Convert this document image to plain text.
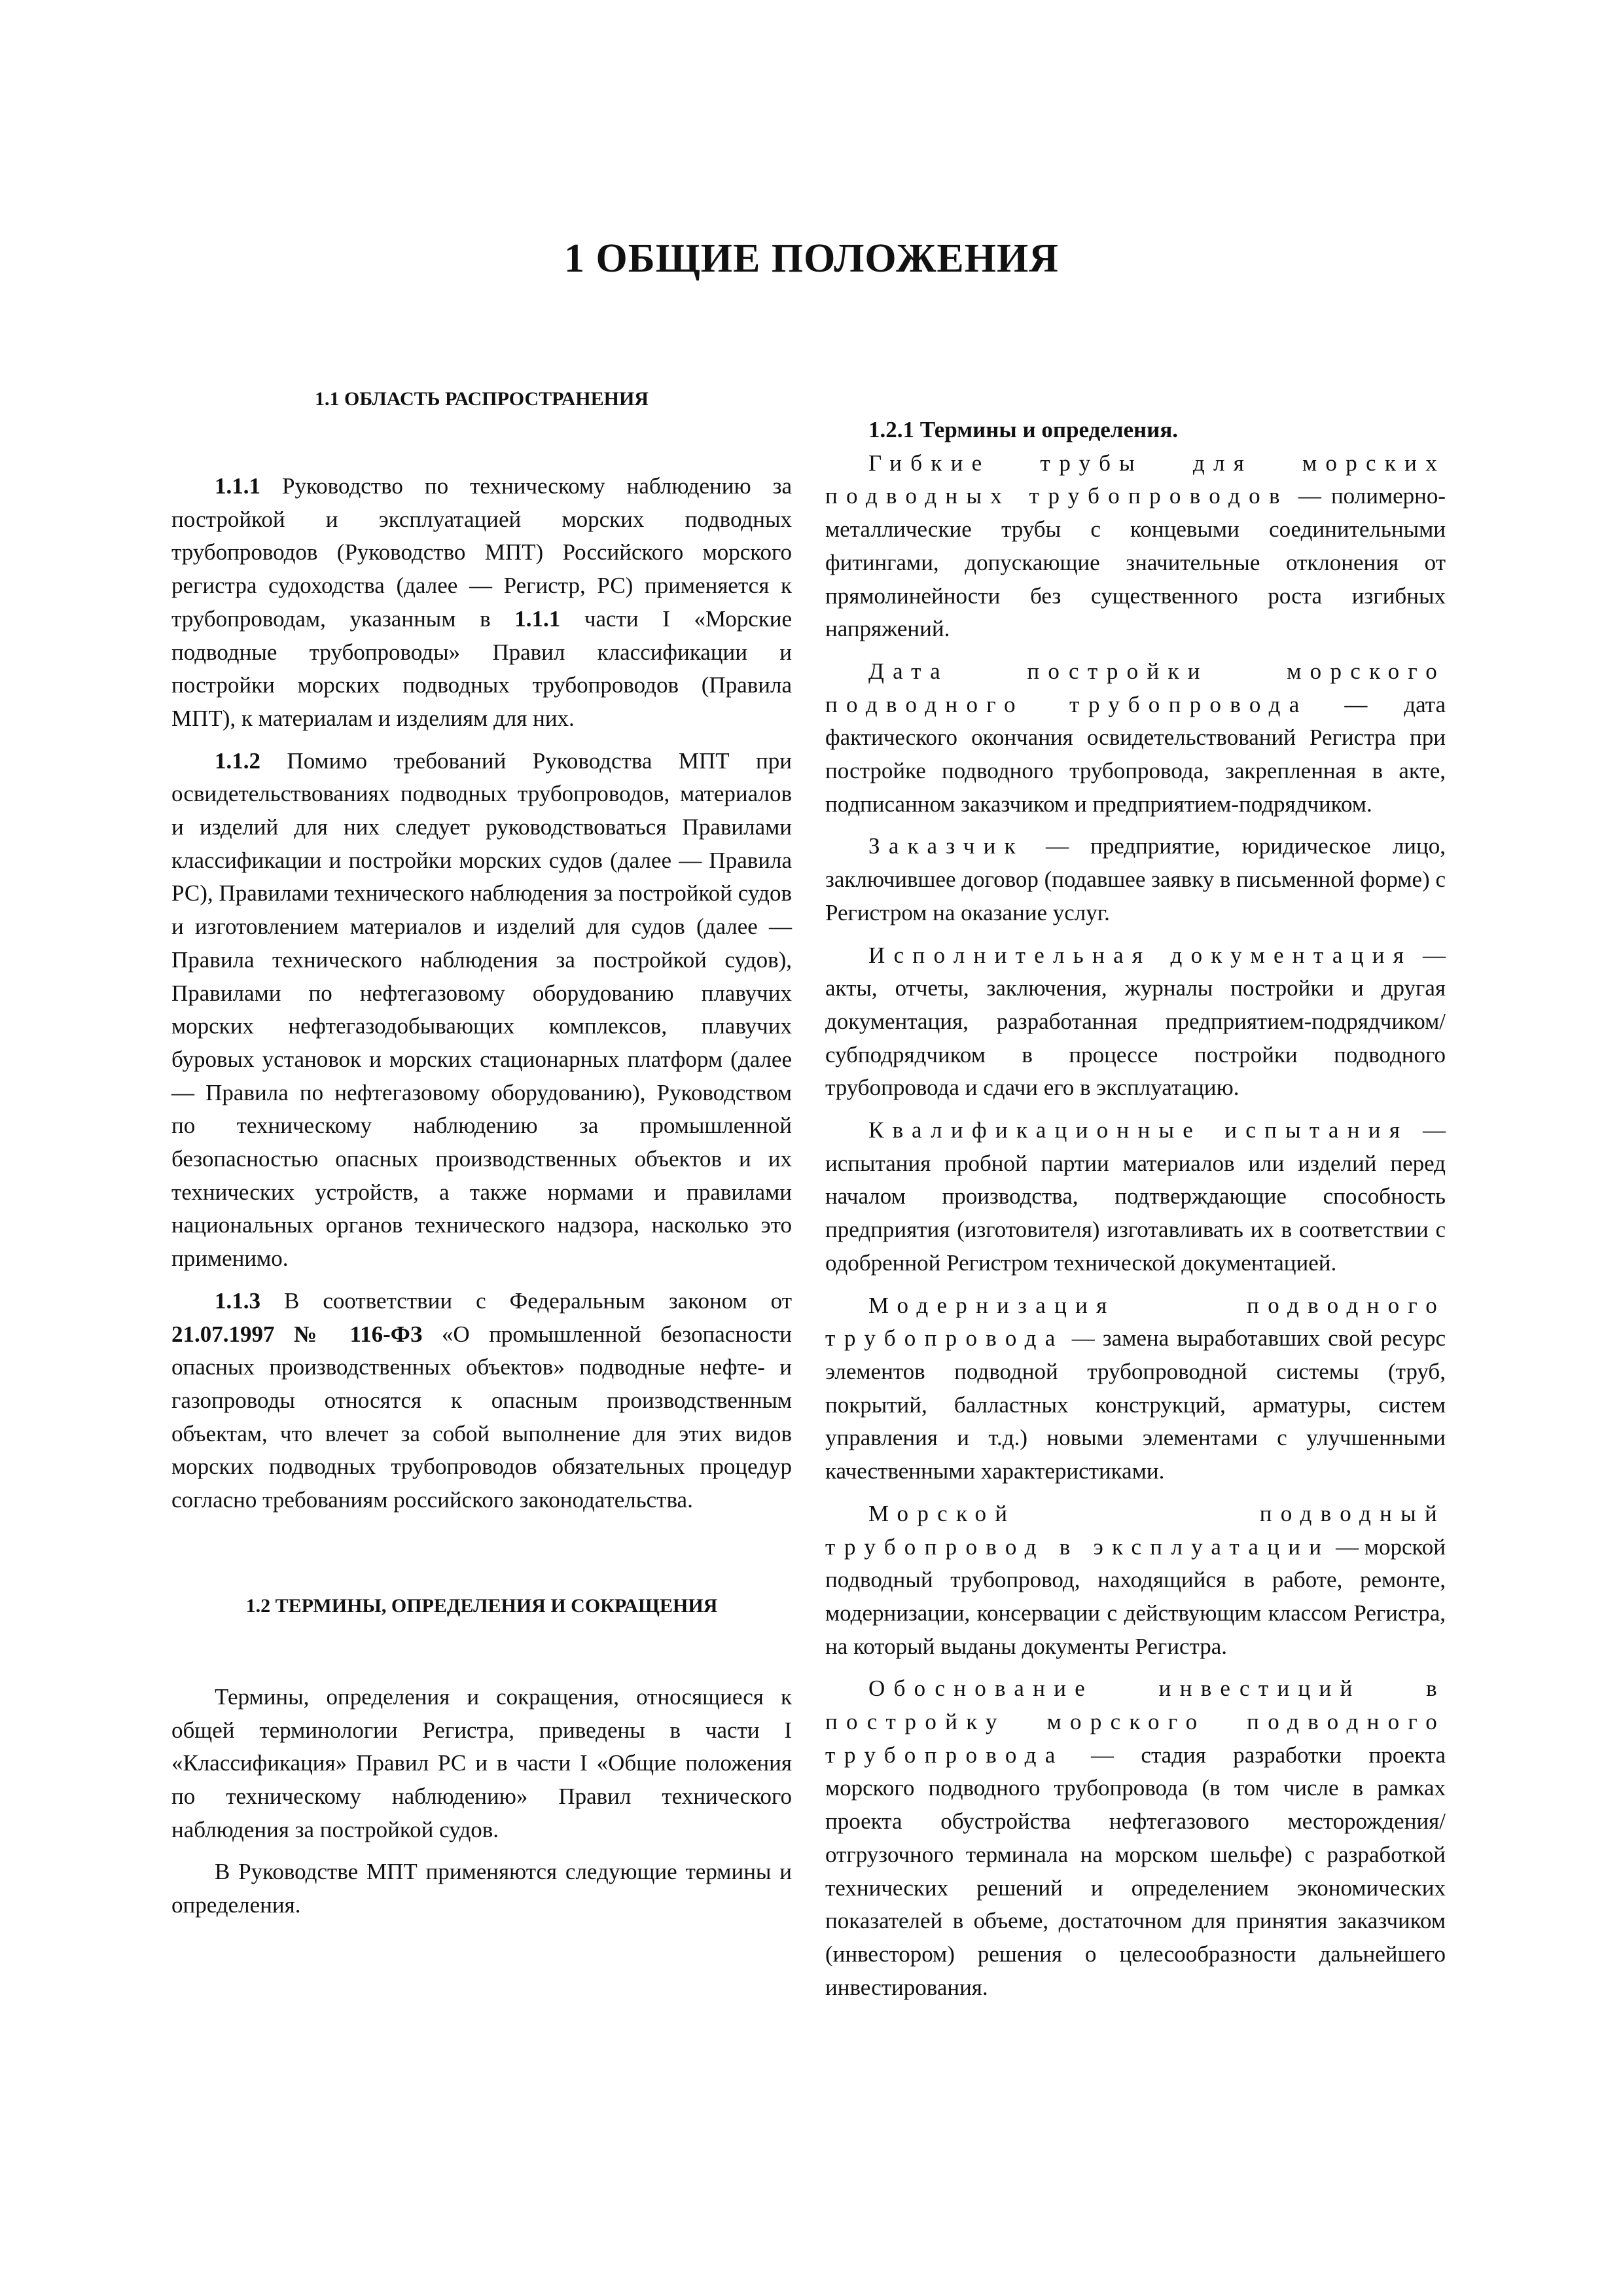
1 ОБЩИЕ ПОЛОЖЕНИЯ
1.1 ОБЛАСТЬ РАСПРОСТРАНЕНИЯ

1.1.1 Руководство по техническому наблюдению за постройкой и эксплуатацией морских подводных трубопроводов (Руководство МПТ) Российского морского регистра судоходства (далее — Регистр, РС) применяется к трубопроводам, указанным в 1.1.1 части I «Морские подводные трубопроводы» Правил классификации и постройки морских подводных трубопроводов (Правила МПТ), к материалам и изделиям для них.

1.1.2 Помимо требований Руководства МПТ при освидетельствованиях подводных трубопроводов, материалов и изделий для них следует руководствоваться Правилами классификации и постройки морских судов (далее — Правила РС), Правилами технического наблюдения за постройкой судов и изготовлением материалов и изделий для судов (далее — Правила технического наблюдения за постройкой судов), Правилами по нефтегазовому оборудованию плавучих морских нефтегазодобывающих комплексов, плавучих буровых установок и морских стационарных платформ (далее — Правила по нефтегазовому оборудованию), Руководством по техническому наблюдению за промышленной безопасностью опасных производственных объектов и их технических устройств, а также нормами и правилами национальных органов технического надзора, насколько это применимо.

1.1.3 В соответствии с Федеральным законом от 21.07.1997 № 116-ФЗ «О промышленной безопасности опасных производственных объектов» подводные нефте- и газопроводы относятся к опасным производственным объектам, что влечет за собой выполнение для этих видов морских подводных трубопроводов обязательных процедур согласно требованиям российского законодательства.

1.2 ТЕРМИНЫ, ОПРЕДЕЛЕНИЯ И СОКРАЩЕНИЯ

Термины, определения и сокращения, относящиеся к общей терминологии Регистра, приведены в части I «Классификация» Правил РС и в части I «Общие положения по техническому наблюдению» Правил технического наблюдения за постройкой судов.

В Руководстве МПТ применяются следующие термины и определения.

1.2.1 Термины и определения.

Гибкие трубы для морских подводных трубопроводов — полимернометаллические трубы с концевыми соединительными фитингами, допускающие значительные отклонения от прямолинейности без существенного роста изгибных напряжений.

Дата постройки морского подводного трубопровода — дата фактического окончания освидетельствований Регистра при постройке подводного трубопровода, закрепленная в акте, подписанном заказчиком и предприятием-подрядчиком.

Заказчик — предприятие, юридическое лицо, заключившее договор (подавшее заявку в письменной форме) с Регистром на оказание услуг.

Исполнительная документация — акты, отчеты, заключения, журналы постройки и другая документация, разработанная предприятием-подрядчиком/субподрядчиком в процессе постройки подводного трубопровода и сдачи его в эксплуатацию.

Квалификационные испытания — испытания пробной партии материалов или изделий перед началом производства, подтверждающие способность предприятия (изготовителя) изготавливать их в соответствии с одобренной Регистром технической документацией.

Модернизация подводного трубопровода — замена выработавших свой ресурс элементов подводной трубопроводной системы (труб, покрытий, балластных конструкций, арматуры, систем управления и т.д.) новыми элементами с улучшенными качественными характеристиками.

Морской подводный трубопровод в эксплуатации — морской подводный трубопровод, находящийся в работе, ремонте, модернизации, консервации с действующим классом Регистра, на который выданы документы Регистра.

Обоснование инвестиций в постройку морского подводного трубопровода — стадия разработки проекта морского подводного трубопровода (в том числе в рамках проекта обустройства нефтегазового месторождения/отгрузочного терминала на морском шельфе) с разработкой технических решений и определением экономических показателей в объеме, достаточном для принятия заказчиком (инвестором) решения о целесообразности дальнейшего инвестирования.
